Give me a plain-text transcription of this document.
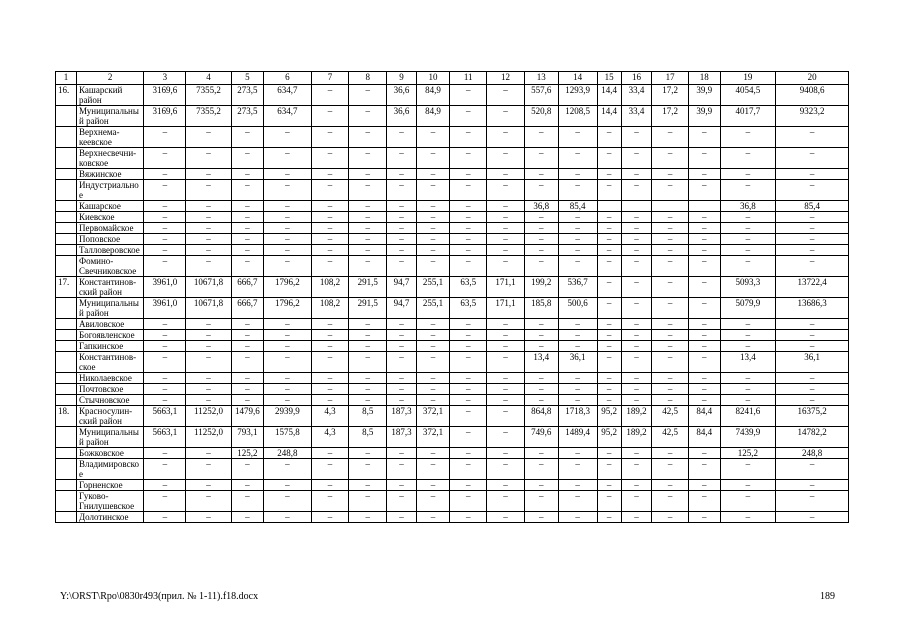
1	2	3	4	5	6	7	8	9	10	11	12	13	14	15	16	17	18	19	20
16.	Кашарский район	3169,6	7355,2	273,5	634,7	–	–	36,6	84,9	–	–	557,6	1293,9	14,4	33,4	17,2	39,9	4054,5	9408,6
	Муниципальный район	3169,6	7355,2	273,5	634,7	–	–	36,6	84,9	–	–	520,8	1208,5	14,4	33,4	17,2	39,9	4017,7	9323,2
	Верхнема-кеевское	–	–	–	–	–	–	–	–	–	–	–	–	–	–	–	–	–	–
	Верхнесвечни-ковское	–	–	–	–	–	–	–	–	–	–	–	–	–	–	–	–	–	–
	Вяжинское	–	–	–	–	–	–	–	–	–	–	–	–	–	–	–	–	–	–
	Индустриальное	–	–	–	–	–	–	–	–	–	–	–	–	–	–	–	–	–	–
	Кашарское	–	–	–	–	–	–	–	–	–	–	36,8	85,4					36,8	85,4
	Киевское	–	–	–	–	–	–	–	–	–	–	–	–	–	–	–	–	–	–
	Первомайское	–	–	–	–	–	–	–	–	–	–	–	–	–	–	–	–	–	–
	Поповское	–	–	–	–	–	–	–	–	–	–	–	–	–	–	–	–	–	–
	Талловеровское	–	–	–	–	–	–	–	–	–	–	–	–	–	–	–	–	–	–
	Фомино-Свечниковское	–	–	–	–	–	–	–	–	–	–	–	–	–	–	–	–	–	–
17.	Константинов-ский район	3961,0	10671,8	666,7	1796,2	108,2	291,5	94,7	255,1	63,5	171,1	199,2	536,7	–	–	–	–	5093,3	13722,4
	Муниципальный район	3961,0	10671,8	666,7	1796,2	108,2	291,5	94,7	255,1	63,5	171,1	185,8	500,6	–	–	–	–	5079,9	13686,3
	Авиловское	–	–	–	–	–	–	–	–	–	–	–	–	–	–	–	–	–	–
	Богоявленское	–	–	–	–	–	–	–	–	–	–	–	–	–	–	–	–	–	–
	Гапкинское	–	–	–	–	–	–	–	–	–	–	–	–	–	–	–	–	–	–
	Константинов-ское	–	–	–	–	–	–	–	–	–	–	13,4	36,1	–	–	–	–	13,4	36,1
	Николаевское	–	–	–	–	–	–	–	–	–	–	–	–	–	–	–	–	–	–
	Почтовское	–	–	–	–	–	–	–	–	–	–	–	–	–	–	–	–	–	–
	Стычновское	–	–	–	–	–	–	–	–	–	–	–	–	–	–	–	–	–	–
18.	Красносулин-ский район	5663,1	11252,0	1479,6	2939,9	4,3	8,5	187,3	372,1	–	–	864,8	1718,3	95,2	189,2	42,5	84,4	8241,6	16375,2
	Муниципальный район	5663,1	11252,0	793,1	1575,8	4,3	8,5	187,3	372,1	–	–	749,6	1489,4	95,2	189,2	42,5	84,4	7439,9	14782,2
	Божковское	–	–	125,2	248,8	–	–	–	–	–	–	–	–	–	–	–	–	125,2	248,8
	Владимировское	–	–	–	–	–	–	–	–	–	–	–	–	–	–	–	–	–	–
	Горненское	–	–	–	–	–	–	–	–	–	–	–	–	–	–	–	–	–	–
	Гуково-Гнилушевское	–	–	–	–	–	–	–	–	–	–	–	–	–	–	–	–	–	–
	Долотинское	–	–	–	–	–	–	–	–	–	–	–	–	–	–	–	–	–	–
Y:\ORST\Rpo\0830r493(прил. № 1-11).f18.docx	189
